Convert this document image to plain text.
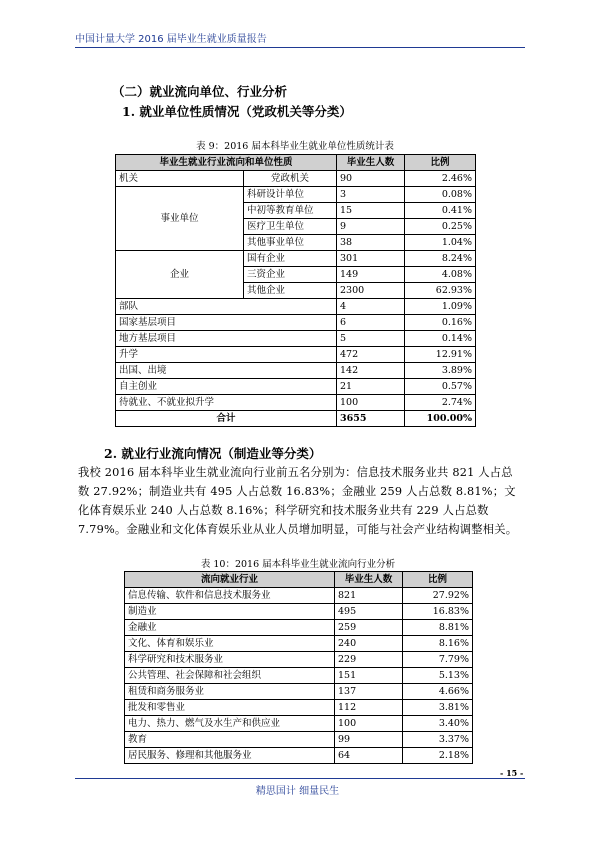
中国计量大学 2016 届毕业生就业质量报告
（二）就业流向单位、行业分析
1. 就业单位性质情况（党政机关等分类）
表 9：2016 届本科毕业生就业单位性质统计表
毕业生就业行业流向和单位性质		毕业生人数	比例
机关	党政机关	90	2.46%
事业单位	科研设计单位	3	0.08%
	中初等教育单位	15	0.41%
	医疗卫生单位	9	0.25%
	其他事业单位	38	1.04%
企业	国有企业	301	8.24%
	三资企业	149	4.08%
	其他企业	2300	62.93%
部队		4	1.09%
国家基层项目		6	0.16%
地方基层项目		5	0.14%
升学		472	12.91%
出国、出境		142	3.89%
自主创业		21	0.57%
待就业、不就业拟升学		100	2.74%
合计		3655	100.00%
2. 就业行业流向情况（制造业等分类）
我校 2016 届本科毕业生就业流向行业前五名分别为：信息技术服务业共 821 人占总数 27.92%；制造业共有 495 人占总数 16.83%；金融业 259 人占总数 8.81%；文化体育娱乐业 240 人占总数 8.16%；科学研究和技术服务业共有 229 人占总数 7.79%。金融业和文化体育娱乐业从业人员增加明显，可能与社会产业结构调整相关。
表 10：2016 届本科毕业生就业流向行业分析
流向就业行业	毕业生人数	比例
信息传输、软件和信息技术服务业	821	27.92%
制造业	495	16.83%
金融业	259	8.81%
文化、体育和娱乐业	240	8.16%
科学研究和技术服务业	229	7.79%
公共管理、社会保障和社会组织	151	5.13%
租赁和商务服务业	137	4.66%
批发和零售业	112	3.81%
电力、热力、燃气及水生产和供应业	100	3.40%
教育	99	3.37%
居民服务、修理和其他服务业	64	2.18%
- 15 -
精思国计 细量民生
